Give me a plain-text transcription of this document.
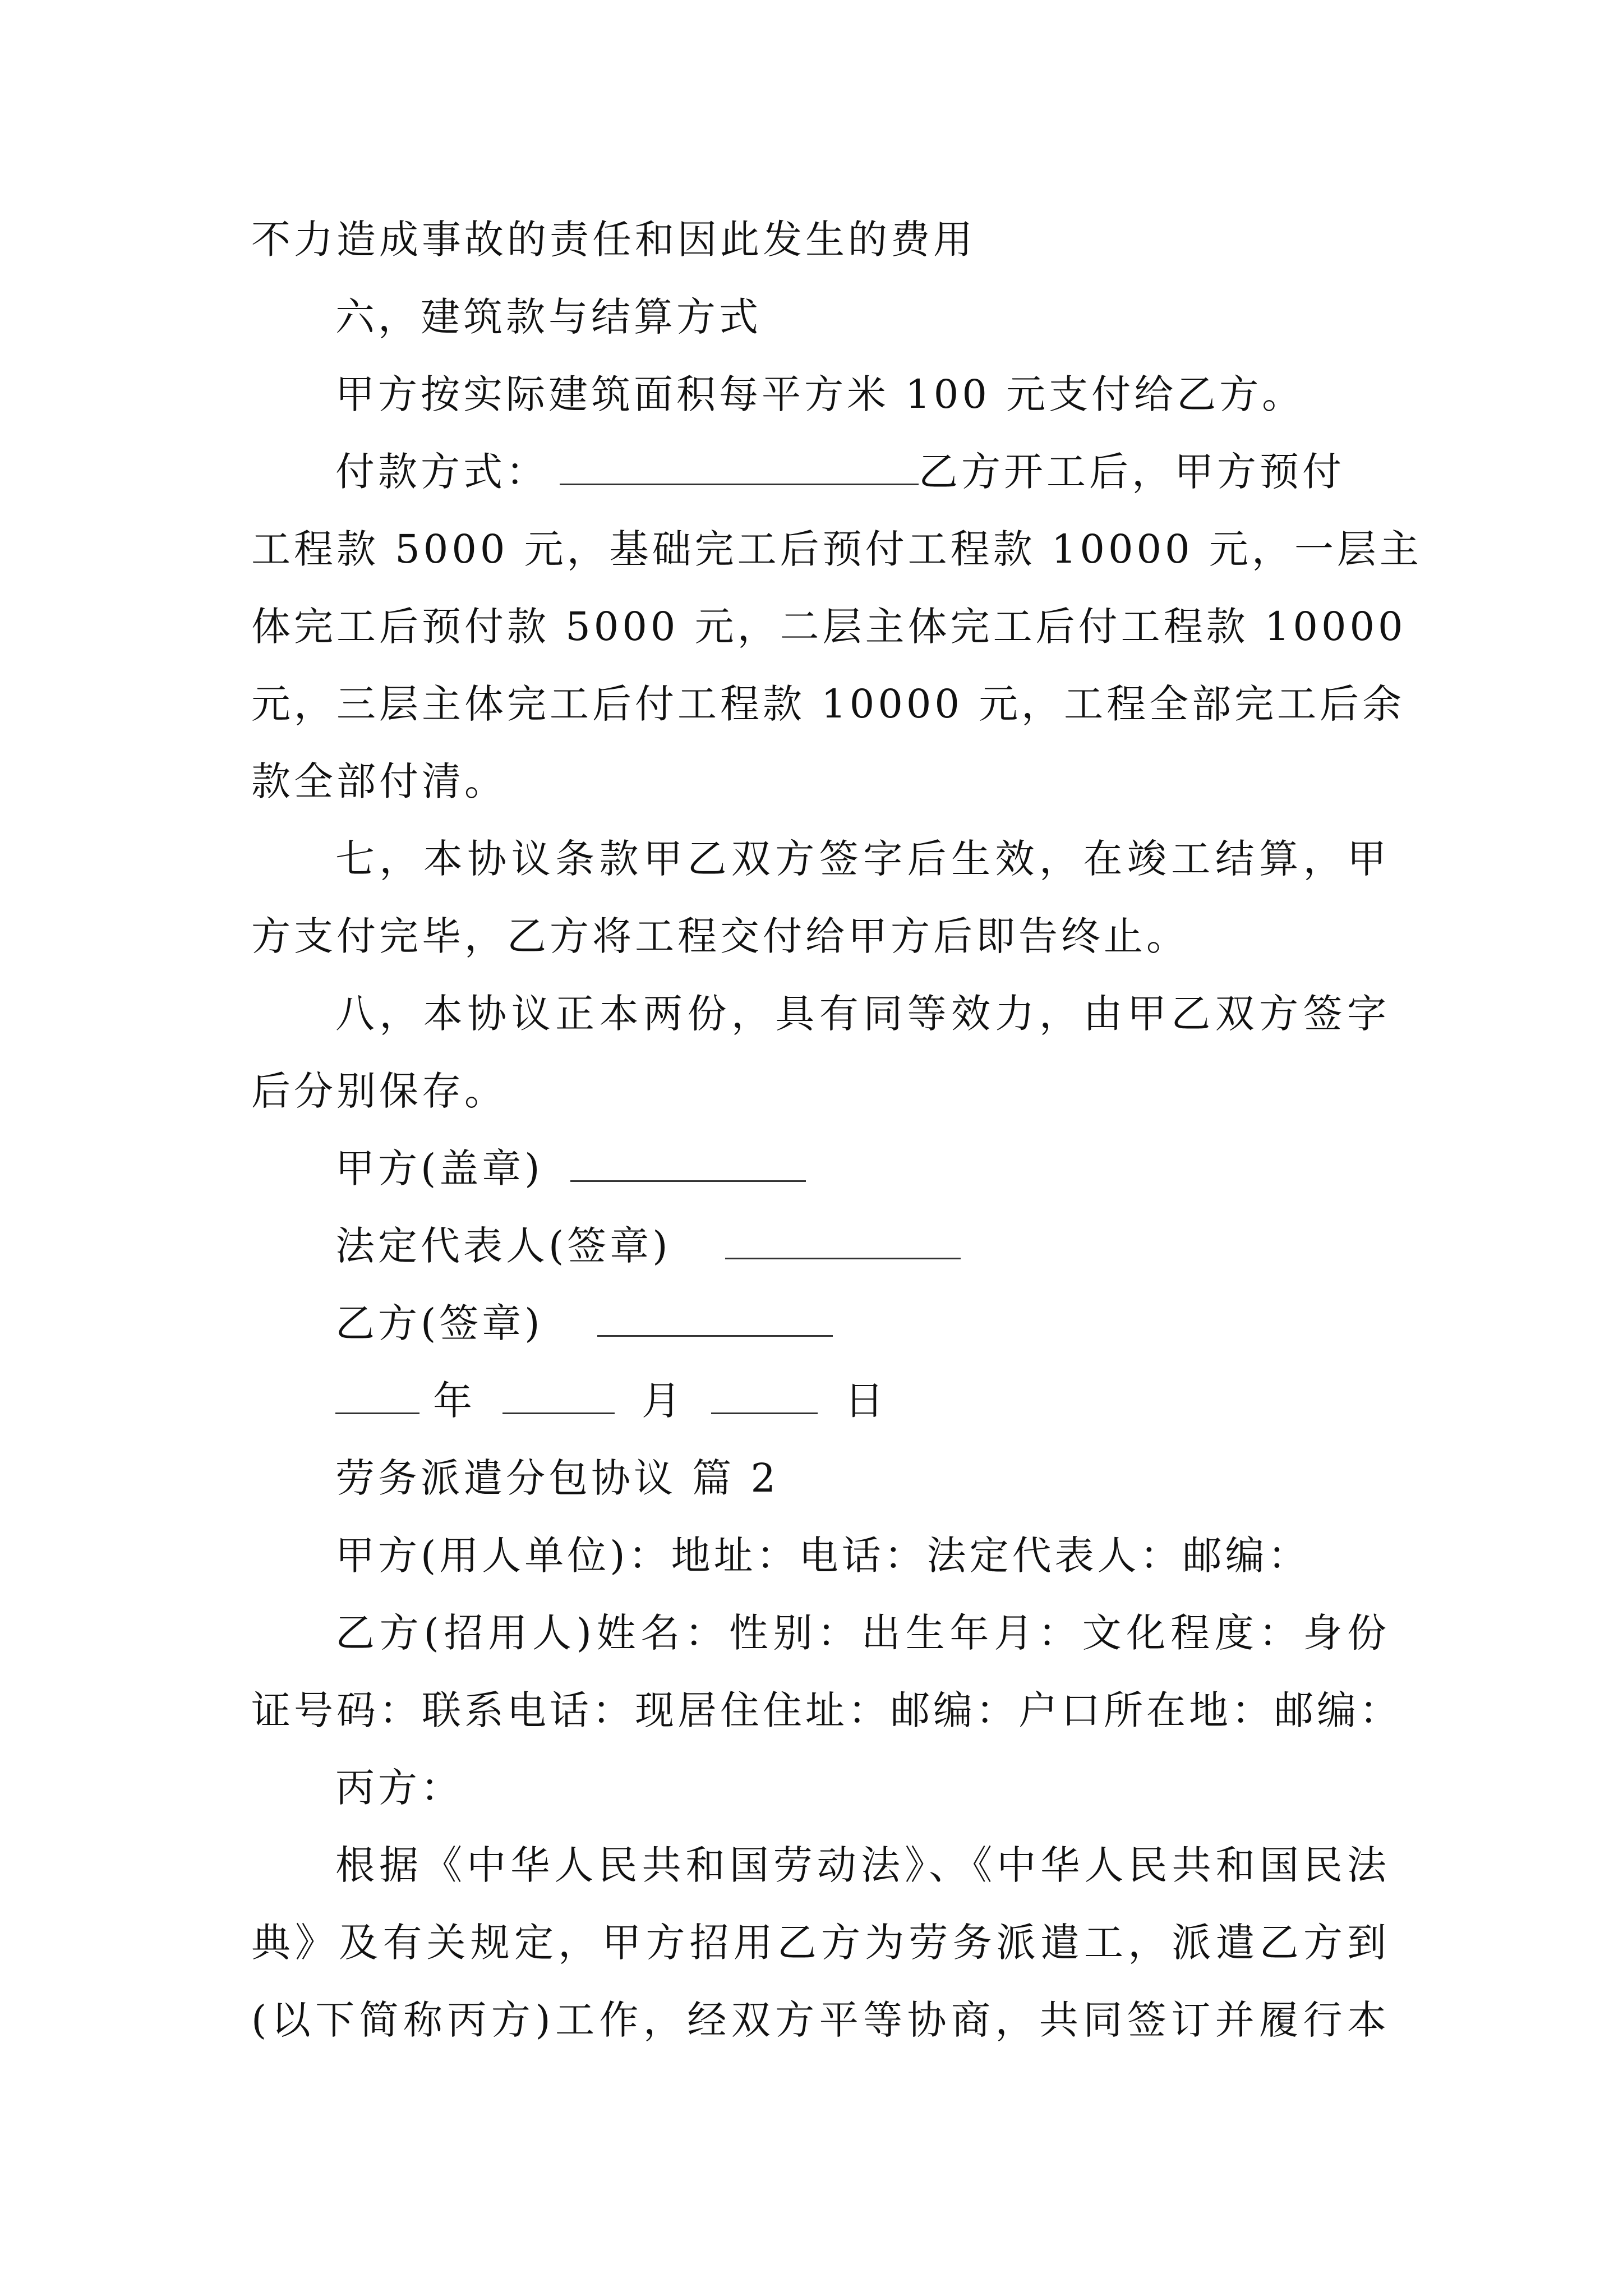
不力造成事故的责任和因此发生的费用
六，建筑款与结算方式
甲方按实际建筑面积每平方米 100 元支付给乙方。
付款方式：	乙方开工后，甲方预付
工程款 5000 元，基础完工后预付工程款 10000 元，一层主
体完工后预付款 5000 元，二层主体完工后付工程款 10000
元，三层主体完工后付工程款 10000 元，工程全部完工后余
款全部付清。
七，本协议条款甲乙双方签字后生效，在竣工结算，甲
方支付完毕，乙方将工程交付给甲方后即告终止。
八，本协议正本两份，具有同等效力，由甲乙双方签字
后分别保存。
甲方(盖章)
法定代表人(签章)
乙方(签章)
年	月	日
劳务派遣分包协议 篇 2
甲方(用人单位)：地址：电话：法定代表人：邮编：
乙方(招用人)姓名：性别：出生年月：文化程度：身份
证号码：联系电话：现居住住址：邮编：户口所在地：邮编：
丙方：
根据《中华人民共和国劳动法》、《中华人民共和国民法
典》及有关规定，甲方招用乙方为劳务派遣工，派遣乙方到
(以下简称丙方)工作，经双方平等协商，共同签订并履行本
